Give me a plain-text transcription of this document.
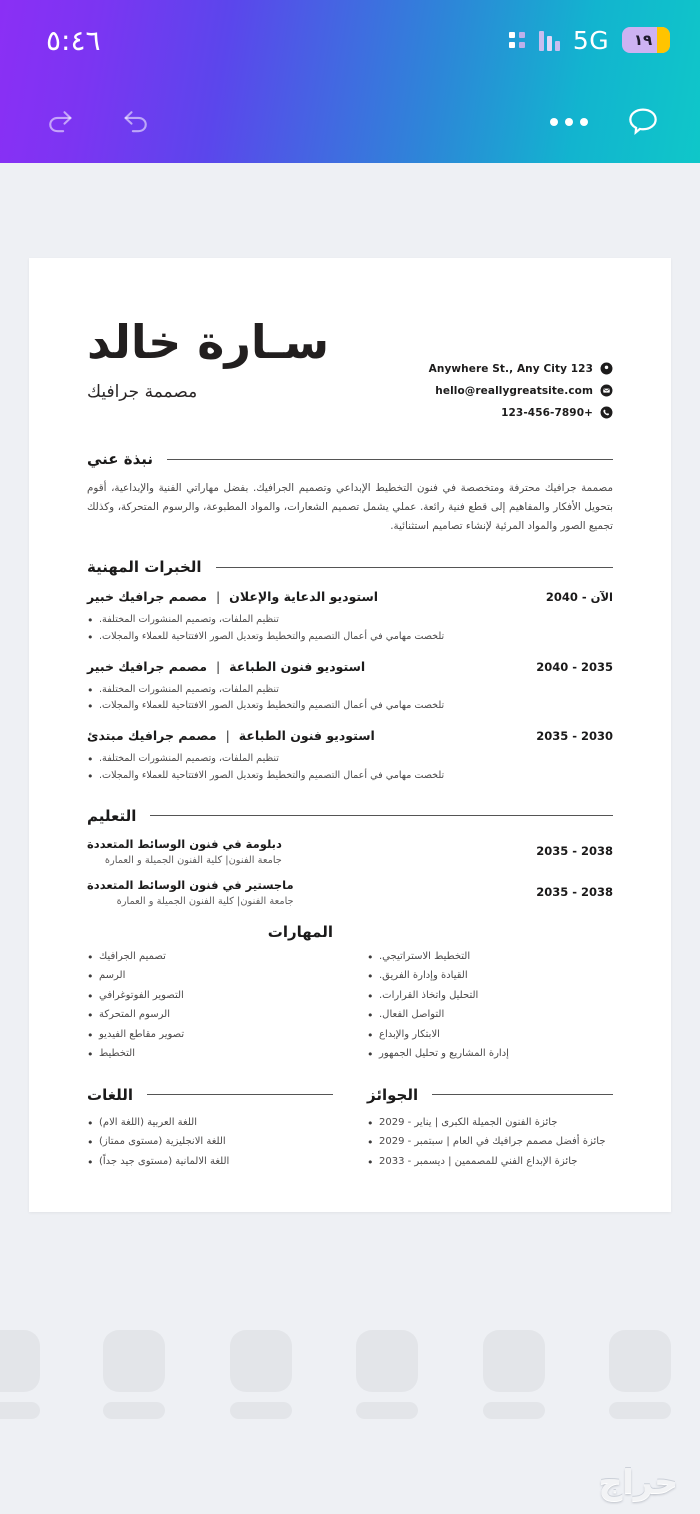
١٩
5G
٥:٤٦
Anywhere St., Any City 123
hello@reallygreatsite.com
123-456-7890+
سـارة خالد
مصممة جرافيك
نبذة عني

مصممة جرافيك محترفة ومتخصصة في فنون التخطيط الإبداعي وتصميم الجرافيك. بفضل مهاراتي الفنية والإبداعية، أقوم بتحويل الأفكار والمفاهيم إلى قطع فنية رائعة. عملي يشمل تصميم الشعارات، والمواد المطبوعة، والرسوم المتحركة، وكذلك تجميع الصور والمواد المرئية لإنشاء تصاميم استثنائية.

الخبرات المهنية
2040 - الآن
استوديو الدعاية والإعلان|مصمم جرافيك خبير
• تنظيم الملفات، وتصميم المنشورات المختلفة.
• تلخصت مهامي في أعمال التصميم والتخطيط وتعديل الصور الافتتاحية للعملاء والمجلات.
2040 - 2035
استوديو فنون الطباعة|مصمم جرافيك خبير
• تنظيم الملفات، وتصميم المنشورات المختلفة.
• تلخصت مهامي في أعمال التصميم والتخطيط وتعديل الصور الافتتاحية للعملاء والمجلات.
2035 - 2030
استوديو فنون الطباعة|مصمم جرافيك مبتدئ
• تنظيم الملفات، وتصميم المنشورات المختلفة.
• تلخصت مهامي في أعمال التصميم والتخطيط وتعديل الصور الافتتاحية للعملاء والمجلات.
التعليم
2035 - 2038
دبلومة في فنون الوسائط المتعددة
جامعة الفنون| كلية الفنون الجميلة و العمارة
2035 - 2038
ماجستير في فنون الوسائط المتعددة
جامعة الفنون| كلية الفنون الجميلة و العمارة
• التخطيط الاستراتيجي.
• القيادة وإدارة الفريق.
• التحليل واتخاذ القرارات.
• التواصل الفعال.
• الابتكار والإبداع
• إدارة المشاريع و تحليل الجمهور
المهارات
• تصميم الجرافيك
• الرسم
• التصوير الفوتوغرافي
• الرسوم المتحركة
• تصوير مقاطع الفيديو
• التخطيط
الجوائز
• جائزة الفنون الجميلة الكبرى | يناير - 2029
• جائزة أفضل مصمم جرافيك في العام | سبتمبر - 2029
• جائزة الإبداع الفني للمصممين | ديسمبر - 2033
اللغات
• اللغة العربية (اللغة الام)
• اللغة الانجليزية (مستوى ممتاز)
• اللغة الالمانية (مستوى جيد جداً)
حراج
